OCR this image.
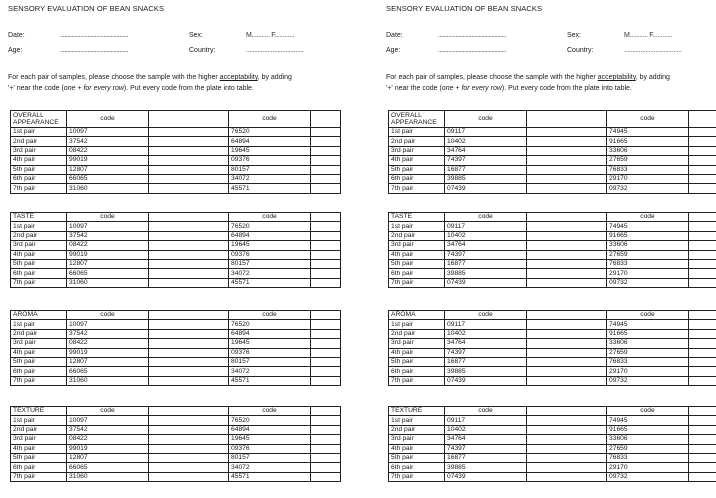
SENSORY EVALUATION OF BEAN SNACKS
Date:	...............................................	Sex:	M........... F............
Age:	...............................................	Country:	...................................
For each pair of samples, please choose the sample with the higher acceptability, by adding
'+' near the code (one + for every row). Put every code from the plate into table.
OVERALL APPEARANCE	code		code	
1st pair	10097		76520	
2nd pair	37542		64894	
3rd pair	08422		19645	
4th pair	99019		09376	
5th pair	12807		80157	
6th pair	66065		34072	
7th pair	31060		45571	
TASTE	code		code	
1st pair	10097		76520	
2nd pair	37542		64894	
3rd pair	08422		19645	
4th pair	99019		09376	
5th pair	12807		80157	
6th pair	66065		34072	
7th pair	31060		45571	
AROMA	code		code	
1st pair	10097		76520	
2nd pair	37542		64894	
3rd pair	08422		19645	
4th pair	99019		09376	
5th pair	12807		80157	
6th pair	66065		34072	
7th pair	31060		45571	
TEXTURE	code		code	
1st pair	10097		76520	
2nd pair	37542		64894	
3rd pair	08422		19645	
4th pair	99019		09376	
5th pair	12807		80157	
6th pair	66065		34072	
7th pair	31060		45571	
SENSORY EVALUATION OF BEAN SNACKS
Date:	...............................................	Sex:	M........... F............
Age:	...............................................	Country:	...................................
For each pair of samples, please choose the sample with the higher acceptability, by adding
'+' near the code (one + for every row). Put every code from the plate into table.
OVERALL APPEARANCE	code		code	
1st pair	09117		74945	
2nd pair	10402		91665	
3rd pair	34764		33606	
4th pair	74397		27659	
5th pair	16877		76833	
6th pair	39885		29170	
7th pair	07439		09732	
TASTE	code		code	
1st pair	09117		74945	
2nd pair	10402		91665	
3rd pair	34764		33606	
4th pair	74397		27659	
5th pair	16877		76833	
6th pair	39885		29170	
7th pair	07439		09732	
AROMA	code		code	
1st pair	09117		74945	
2nd pair	10402		91665	
3rd pair	34764		33606	
4th pair	74397		27659	
5th pair	16877		76833	
6th pair	39885		29170	
7th pair	07439		09732	
TEXTURE	code		code	
1st pair	09117		74945	
2nd pair	10402		91665	
3rd pair	34764		33606	
4th pair	74397		27659	
5th pair	16877		76833	
6th pair	39885		29170	
7th pair	07439		09732	
